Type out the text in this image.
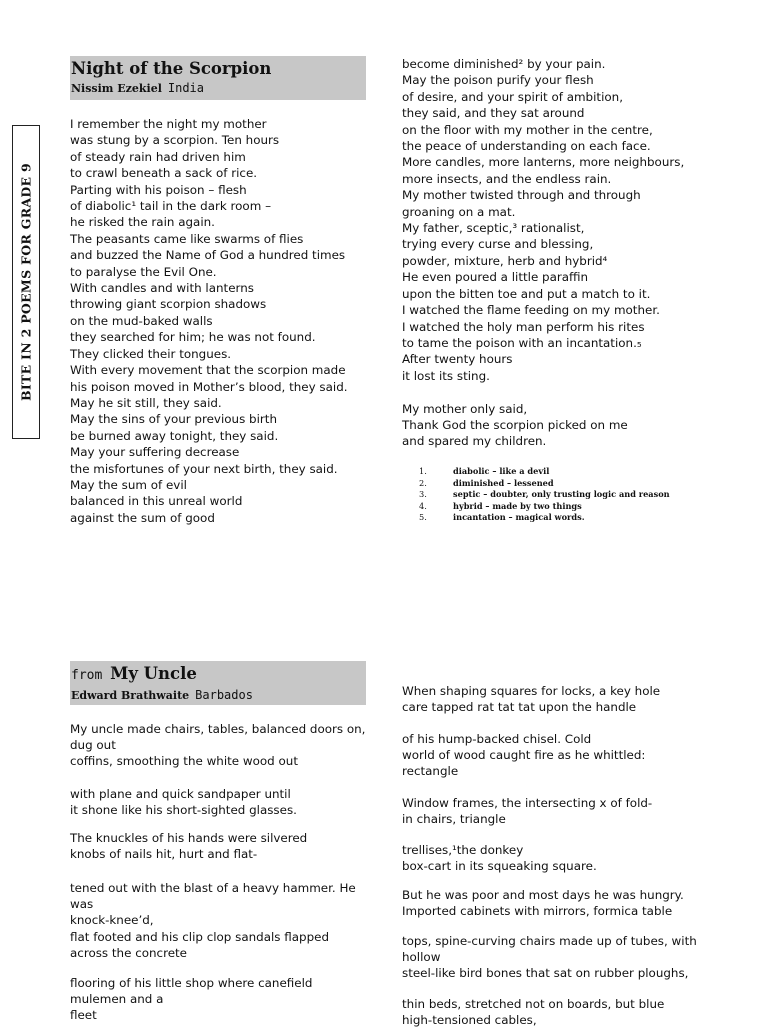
BITE IN 2 POEMS FOR GRADE 9
Night of the Scorpion
Nissim Ezekiel India
I remember the night my mother
was stung by a scorpion. Ten hours
of steady rain had driven him
to crawl beneath a sack of rice.
Parting with his poison – flesh
of diabolic¹ tail in the dark room –
he risked the rain again.
The peasants came like swarms of flies
and buzzed the Name of God a hundred times
to paralyse the Evil One.
With candles and with lanterns
throwing giant scorpion shadows
on the mud-baked walls
they searched for him; he was not found.
They clicked their tongues.
With every movement that the scorpion made
his poison moved in Mother’s blood, they said.
May he sit still, they said.
May the sins of your previous birth
be burned away tonight, they said.
May your suffering decrease
the misfortunes of your next birth, they said.
May the sum of evil
balanced in this unreal world
against the sum of good
become diminished² by your pain.
May the poison purify your flesh
of desire, and your spirit of ambition,
they said, and they sat around
on the floor with my mother in the centre,
the peace of understanding on each face.
More candles, more lanterns, more neighbours,
more insects, and the endless rain.
My mother twisted through and through
groaning on a mat.
My father, sceptic,³ rationalist,
trying every curse and blessing,
powder, mixture, herb and hybrid⁴
He even poured a little paraffin
upon the bitten toe and put a match to it.
I watched the flame feeding on my mother.
I watched the holy man perform his rites
to tame the poison with an incantation.₅
After twenty hours
it lost its sting.
My mother only said,
Thank God the scorpion picked on me
and spared my children.
1.	diabolic – like a devil
2.	diminished – lessened
3.	septic – doubter, only trusting logic and reason
4.	hybrid – made by two things
5.	incantation – magical words.
from My Uncle
Edward Brathwaite Barbados
My uncle made chairs, tables, balanced doors on,
dug out
coffins, smoothing the white wood out
with plane and quick sandpaper until
it shone like his short-sighted glasses.
The knuckles of his hands were silvered
knobs of nails hit, hurt and flat-
tened out with the blast of a heavy hammer. He
was
knock-knee’d,
flat footed and his clip clop sandals flapped
across the concrete
flooring of his little shop where canefield
mulemen and a
fleet
When shaping squares for locks, a key hole
care tapped rat tat tat upon the handle
of his hump-backed chisel. Cold
world of wood caught fire as he whittled:
rectangle
Window frames, the intersecting x of fold-
in chairs, triangle
trellises,¹the donkey
box-cart in its squeaking square.
But he was poor and most days he was hungry.
Imported cabinets with mirrors, formica table
tops, spine-curving chairs made up of tubes, with
hollow
steel-like bird bones that sat on rubber ploughs,
thin beds, stretched not on boards, but blue
high-tensioned cables,
